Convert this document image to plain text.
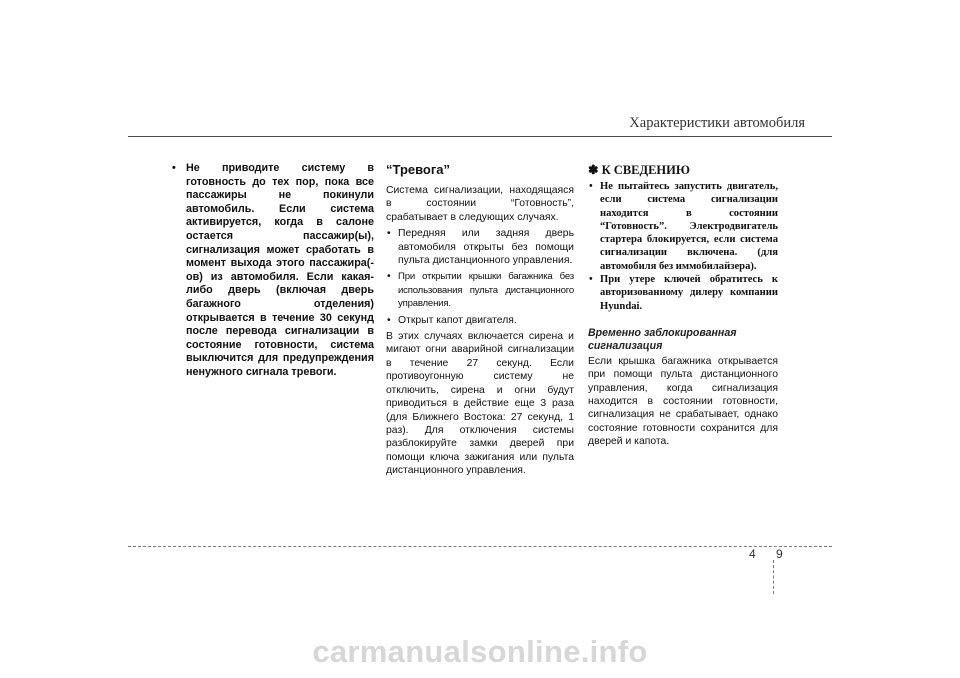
Характеристики автомобиля
• Не приводите систему в готовность до тех пор, пока все пассажиры не покинули автомобиль. Если система активируется, когда в салоне остается пассажир(ы), сигнализация может сработать в момент выхода этого пассажира(-ов) из автомобиля. Если какая-либо дверь (включая дверь багажного отделения) открывается в течение 30 секунд после перевода сигнализации в состояние готовности, система выключится для предупреждения ненужного сигнала тревоги.
“Тревога”

Система сигнализации, находящаяся в состоянии “Готовность”, срабатывает в следующих случаях.

• Передняя или задняя дверь автомобиля открыты без помощи пульта дистанционного управления.
• При открытии крышки багажника без использования пульта дистанционного управления.
• Открыт капот двигателя.

В этих случаях включается сирена и мигают огни аварийной сигнализации в течение 27 секунд. Если противоугонную систему не отключить, сирена и огни будут приводиться в действие еще 3 раза (для Ближнего Востока: 27 секунд, 1 раз). Для отключения системы разблокируйте замки дверей при помощи ключа зажигания или пульта дистанционного управления.

✽ К СВЕДЕНИЮ
• Не пытайтесь запустить двигатель, если система сигнализации находится в состоянии “Готовность”. Электродвигатель стартера блокируется, если система сигнализации включена. (для автомобиля без иммобилайзера).
• При утере ключей обратитесь к авторизованному дилеру компании Hyundai.
Временно заблокированная сигнализация

Если крышка багажника открывается при помощи пульта дистанционного управления, когда сигнализация находится в состоянии готовности, сигнализация не срабатывает, однако состояние готовности сохранится для дверей и капота.

4 9
carmanualsonline.info
